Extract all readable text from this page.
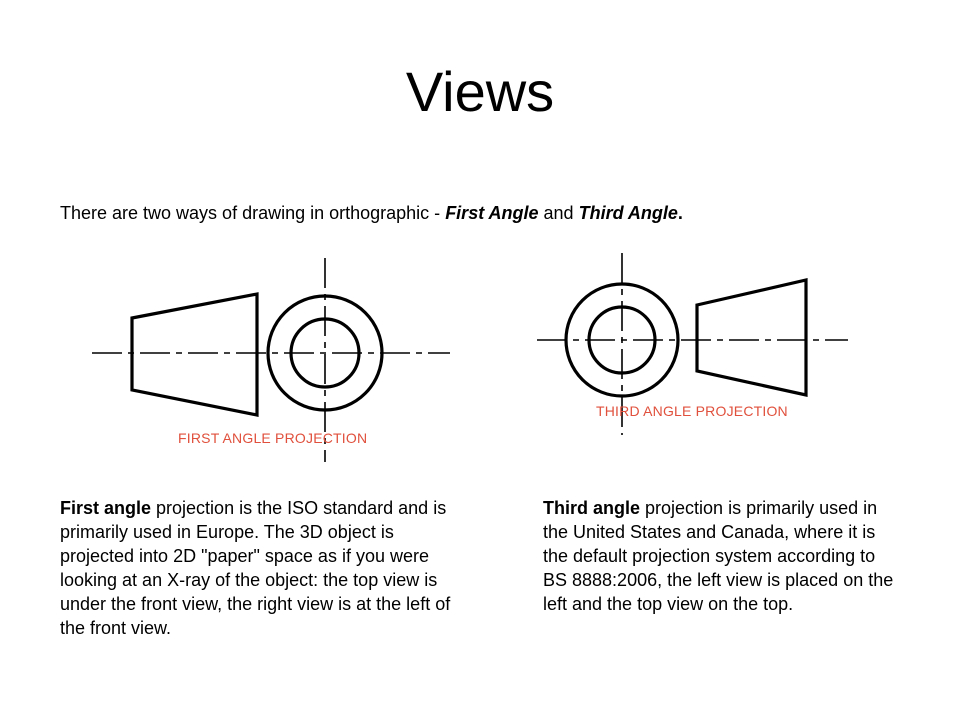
Views
There are two ways of drawing in orthographic - First Angle and Third Angle.
FIRST ANGLE PROJECTION
THIRD ANGLE PROJECTION
First angle projection is the ISO standard and is primarily used in Europe. The 3D object is projected into 2D "paper" space as if you were looking at an X-ray of the object: the top view is under the front view, the right view is at the left of the front view.
Third angle projection is primarily used in the United States and Canada, where it is the default projection system according to BS 8888:2006, the left view is placed on the left and the top view on the top.
